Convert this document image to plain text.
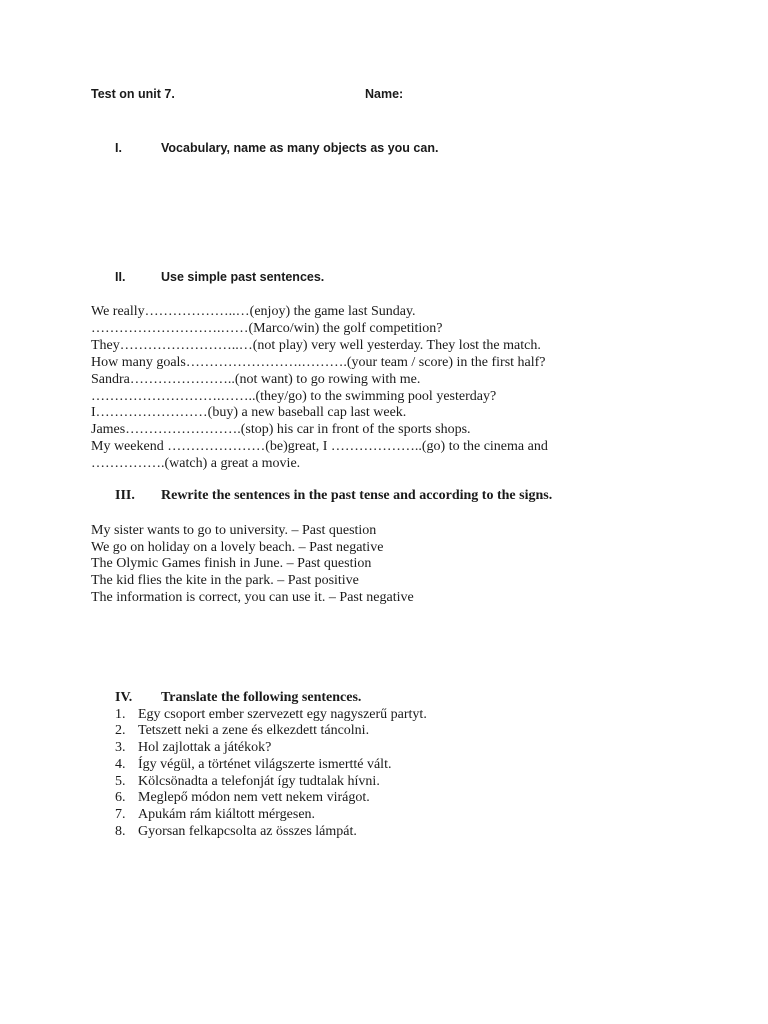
Test on unit 7.	Name:
I.	Vocabulary, name as many objects as you can.
II.	Use simple past sentences.
We really………………..…(enjoy) the game last Sunday.
……………………….……(Marco/win) the golf competition?
They……………………..…(not play) very well yesterday. They lost the match.
How many goals…………………….……….(your team / score) in the first half?
Sandra…………………..(not want) to go rowing with me.
……………………….……..(they/go) to the swimming pool yesterday?
I……………………(buy) a new baseball cap last week.
James…………………….(stop) his car in front of the sports shops.
My weekend …………………(be)great, I ………………..(go) to the cinema and
…………….(watch) a great a movie.
III. Rewrite the sentences in the past tense and according to the signs.
My sister wants to go to university. – Past question
We go on holiday on a lovely beach. – Past negative
The Olymic Games finish in June. – Past question
The kid flies the kite in the park. – Past positive
The information is correct, you can use it. – Past negative
IV. Translate the following sentences.
1. Egy csoport ember szervezett egy nagyszerű partyt.
2. Tetszett neki a zene és elkezdett táncolni.
3. Hol zajlottak a játékok?
4. Így végül, a történet világszerte ismertté vált.
5. Kölcsönadta a telefonját így tudtalak hívni.
6. Meglepő módon nem vett nekem virágot.
7. Apukám rám kiáltott mérgesen.
8. Gyorsan felkapcsolta az összes lámpát.
